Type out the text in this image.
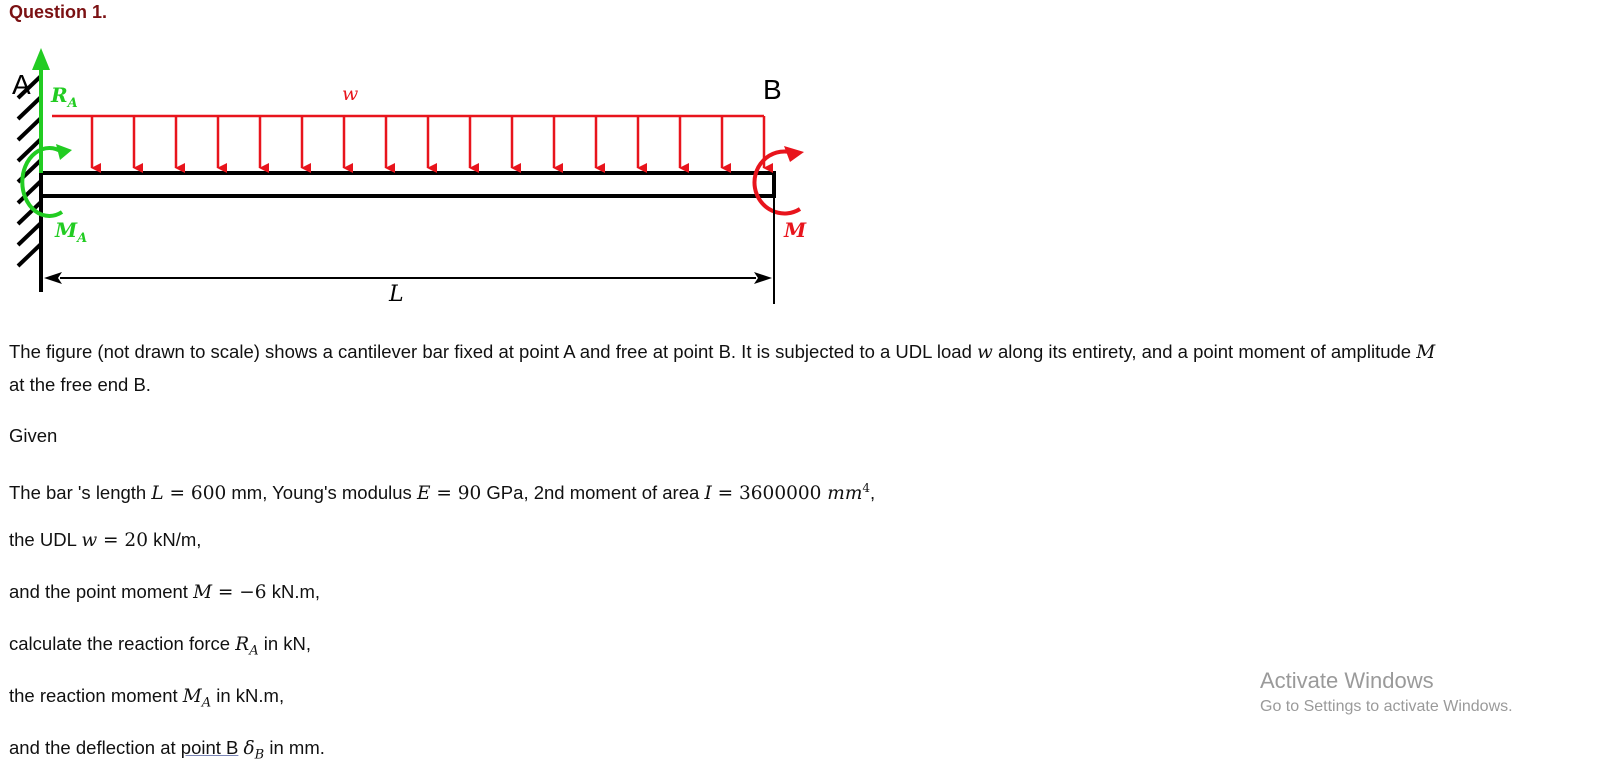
Question 1.
A	B
$R_A$
$M_A$
w
M
L

The figure (not drawn to scale) shows a cantilever bar fixed at point A and free at point B. It is subjected to a UDL load w along its entirety, and a point moment of amplitude M
at the free end B.

Given

The bar 's length L = 600 mm, Young's modulus E = 90 GPa, 2nd moment of area I = 3600000 $mm^4$,

the UDL w = 20 kN/m,

and the point moment M = −6 kN.m,

calculate the reaction force $R_A$ in kN,

the reaction moment $M_A$ in kN.m,

and the deflection at point B $\delta_B$ in mm.

Activate Windows
Go to Settings to activate Windows.
